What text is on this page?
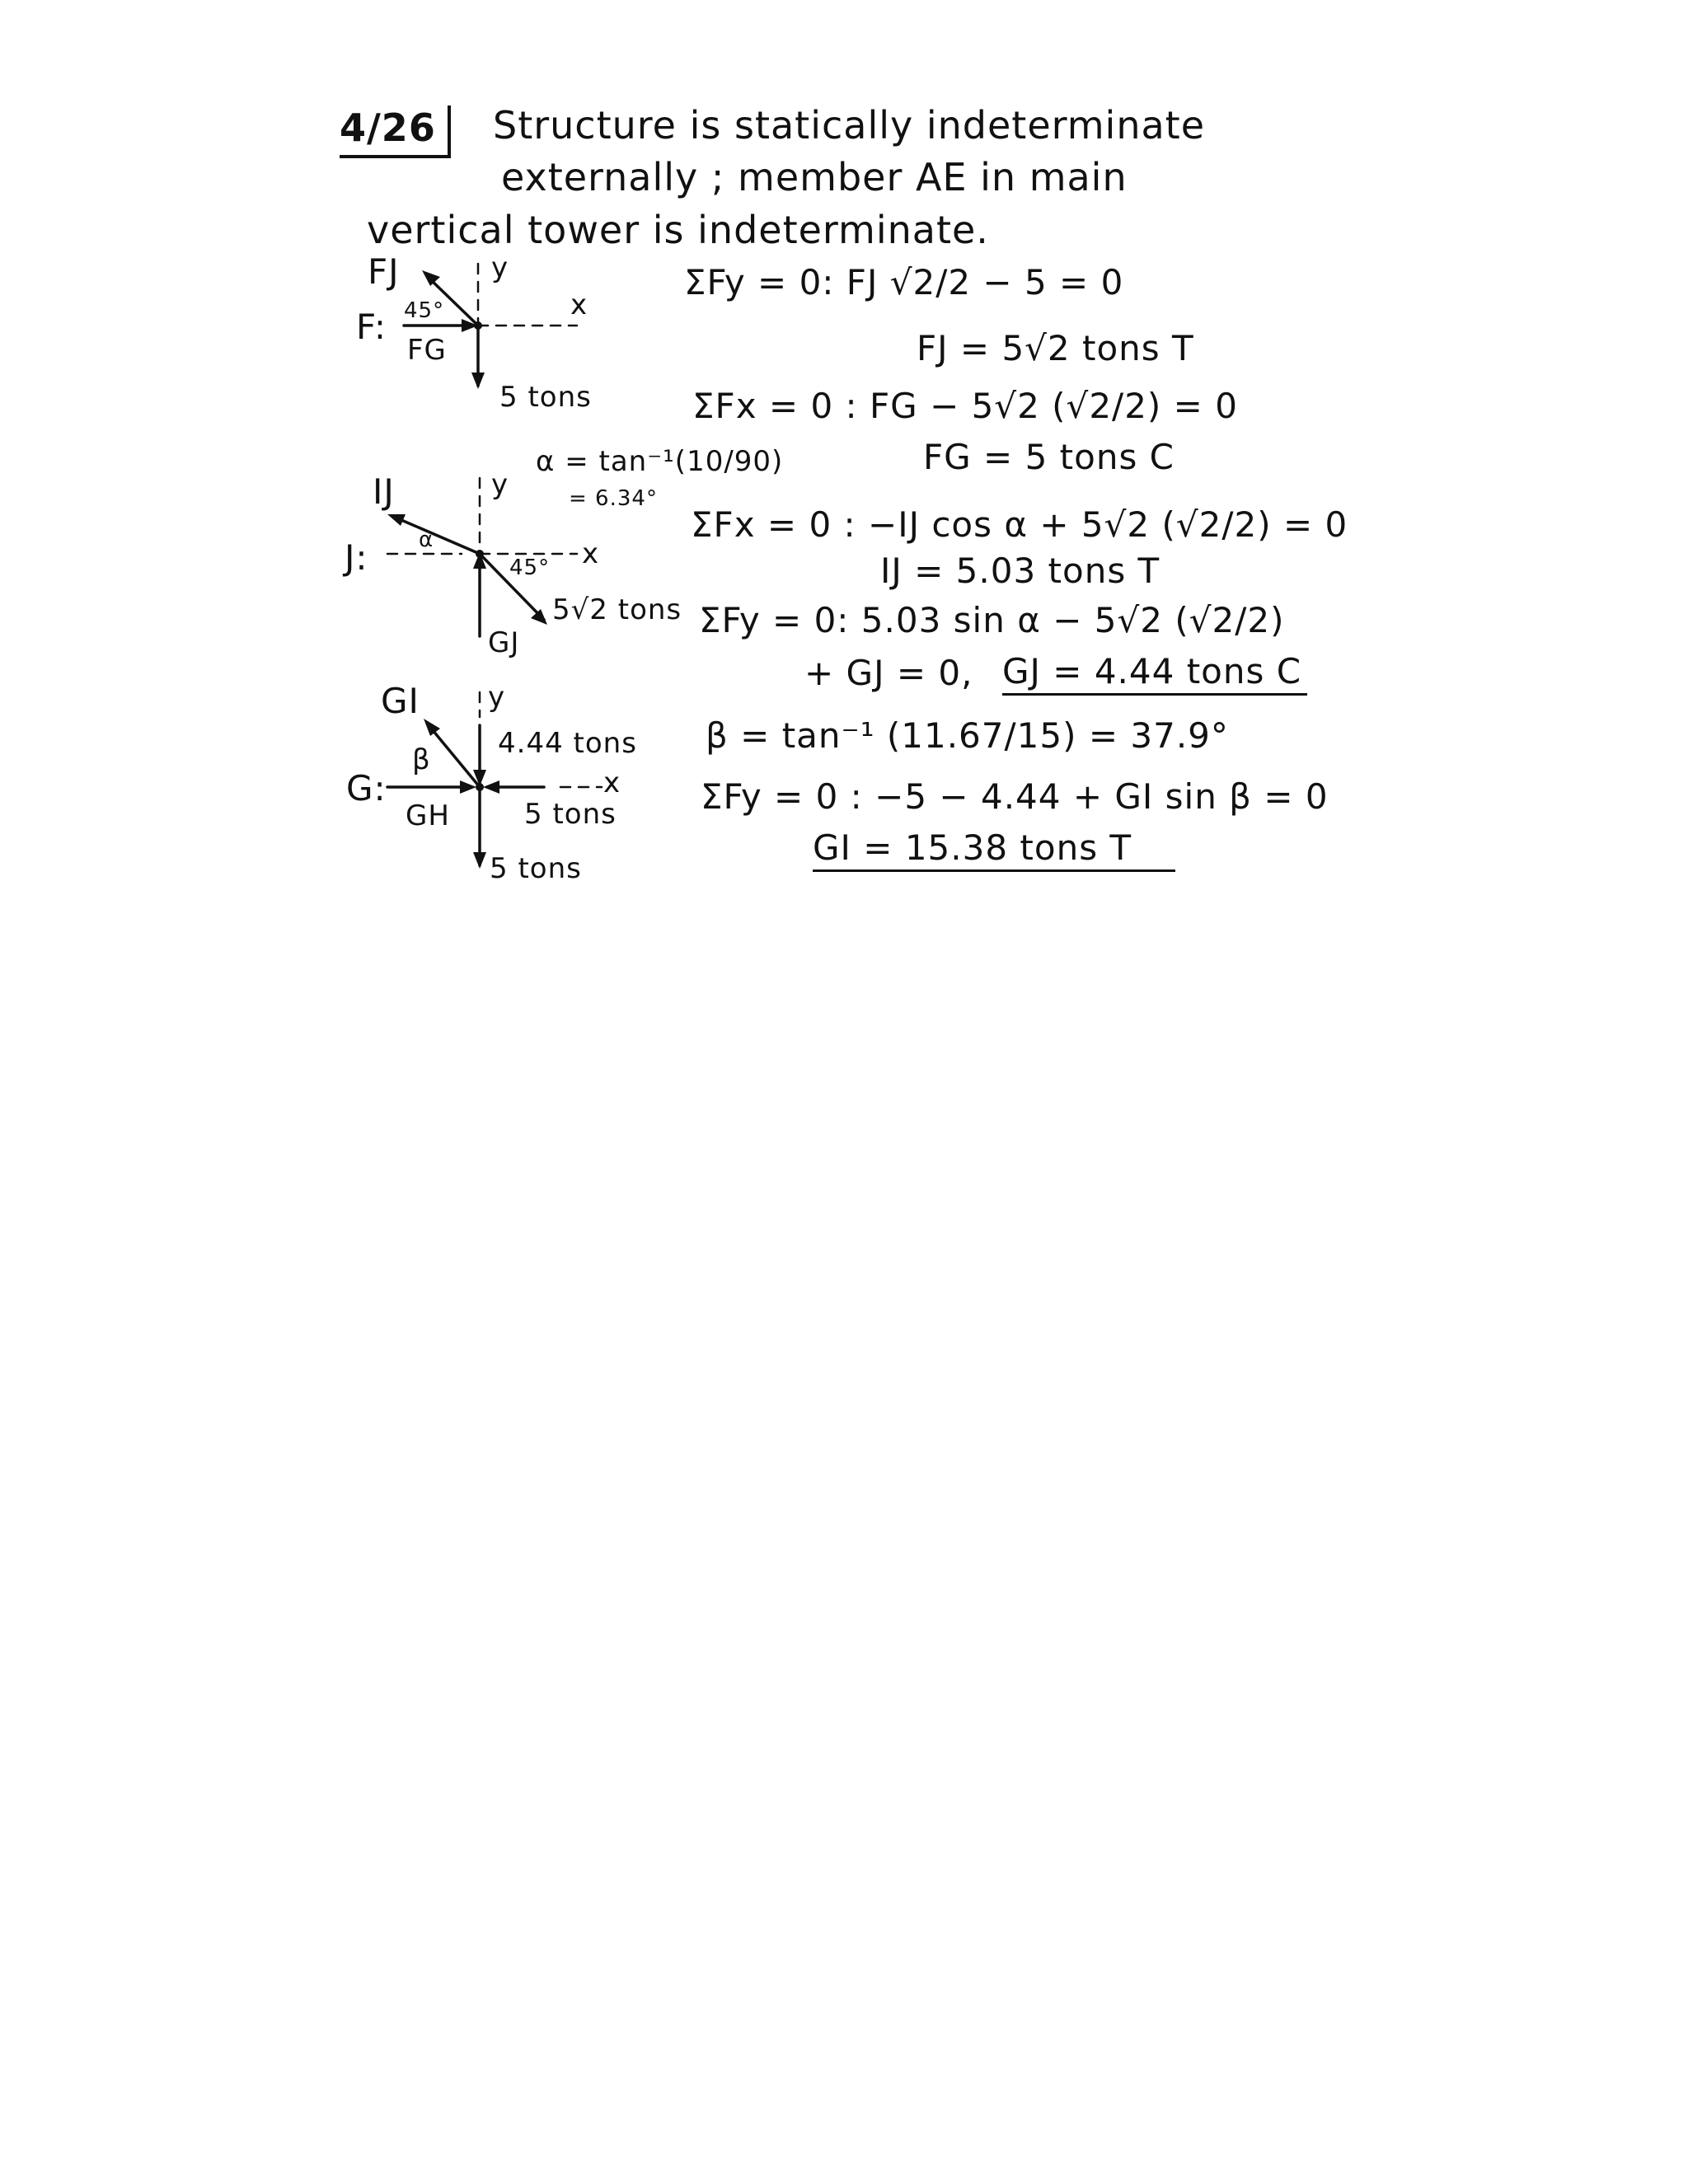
4/26	Structure is statically indeterminate
externally ; member AE in main
vertical tower is indeterminate.
FJ
45°
F:
FG
y
x
5 tons
ΣFy = 0: FJ √2/2 − 5 = 0
FJ = 5√2 tons T
ΣFx = 0 : FG − 5√2 (√2/2) = 0
FG = 5 tons C
IJ	y
α = tan⁻¹(10/90)
= 6.34°
J: α
45° x
5√2 tons
GJ
ΣFx = 0 : −IJ cos α + 5√2 (√2/2) = 0
IJ = 5.03 tons T
ΣFy = 0: 5.03 sin α − 5√2 (√2/2)
+ GJ = 0, GJ = 4.44 tons C
GI y
4.44 tons
β
G:
GH	5 tons
x
5 tons
β = tan⁻¹ (11.67/15) = 37.9°
ΣFy = 0 : −5 − 4.44 + GI sin β = 0
GI = 15.38 tons T
